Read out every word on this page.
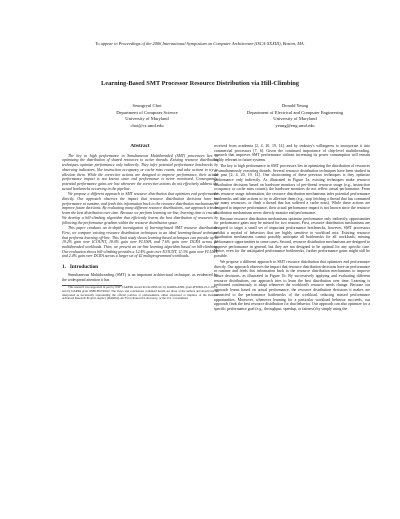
To appear in Proceedings of the 2006 International Symposium on Computer Architecture (ISCA-XXXIII), Boston, MA.
Learning-Based SMT Processor Resource Distribution via Hill-Climbing
Seungryul Choi
Department of Computer Science
University of Maryland
choi@cs.umd.edu
Donald Yeung
Department of Electrical and Computer Engineering
University of Maryland
yeung@eng.umd.edu
Abstract

The key to high performance in Simultaneous Multithreaded (SMT) processors lies in optimizing the distribution of shared resources to active threads. Existing resource distribution techniques optimize performance only indirectly. They infer potential performance bottlenecks by observing indicators, like instruction occupancy or cache miss counts, and take actions to try to alleviate them. While the corrective actions are designed to improve performance, their actual performance impact is not known since end performance is never monitored. Consequently, potential performance gains are lost whenever the corrective actions do not effectively address the actual bottlenecks occurring in the pipeline.

We propose a different approach to SMT resource distribution that optimizes end performance directly. Our approach observes the impact that resource distribution decisions have on performance at runtime, and feeds this information back to the resource distribution mechanisms to improve future decisions. By evaluating many different resource distributions, our approach tries to learn the best distribution over time. Because we perform learning on-line, learning time is crucial. We develop a hill-climbing algorithm that efficiently learns the best distribution of resources by following the performance gradient within the resource distribution space.

This paper conducts an in-depth investigation of learning-based SMT resource distribution. First, we compare existing resource distribution techniques to an ideal learning-based technique that performs learning off-line. This limit study shows learning-based techniques can provide up to 19.2% gain over ICOUNT, 18.0% gain over FLUSH, and 7.6% gain over DCRA across 21 multithreaded workloads. Then, we present an on-line learning algorithm based on hill-climbing. Our evaluation shows hill-climbing provides a 12.4% gain over ICOUNT, 11.3% gain over FLUSH, and 2.4% gain over DCRA across a larger set of 42 multiprogrammed workloads.

1. Introduction

Simultaneous Multithreading (SMT) is an important architectural technique, as evidenced by the widespread attention it has

This research was supported in part by NSF CAREER Award #CCR-0093110, by DARPA AFRL grant #F30602-01-C-0171, and by DARPA grant #NBCH1050022. The views and conclusions contained herein are those of the authors and should not be interpreted as necessarily representing the official policies or endorsements, either expressed or implied, of the Defense Advanced Research Projects Agency (DARPA), Air Force Research Laboratory, or the U.S. Government.

received from academia [2, 4, 20, 19, 14], and by industry's willingness to incorporate it into commercial processors [7, 6]. Given the continued importance of chip-level multithreading, research that improves SMT performance without increasing its power consumption will remain highly relevant in future systems.

The key to high performance in SMT processors lies in optimizing the distribution of resources to simultaneously executing threads. Several resource distribution techniques have been studied in the past [2, 4, 20, 19, 14]. One shortcoming of these previous techniques is they optimize performance only indirectly. As illustrated in Figure 1a, existing techniques make resource distribution decisions based on hardware monitors of per-thread resource usage (e.g., instruction occupancy or cache miss counts); the hardware monitors do not reflect actual performance. From this resource usage information, the resource distribution mechanisms infer potential performance bottlenecks and take actions to try to alleviate them (e.g., stop fetching a thread that has consumed too many resources, or flush a thread that has suffered a cache miss). While these actions are designed to improve performance, their actual performance impact is not known since the resource distribution mechanisms never directly monitor end performance.

Because resource distribution mechanisms optimize performance only indirectly, opportunities for performance gains may be missed for two reasons. First, resource distribution mechanisms are designed to target a small set of important performance bottlenecks, however, SMT processors exhibit a myriad of behaviors that are highly sensitive to workload mix. Existing resource distribution mechanisms cannot possibly anticipate all bottlenecks for all workloads, missing performance opportunities in some cases. Second, resource distribution mechanisms are designed to improve performance in general, but they are not designed to be optimal for any specific case. Hence, even for the anticipated performance bottlenecks, further performance gains might still be possible.

We propose a different approach to SMT resource distribution that optimizes end performance directly. Our approach observes the impact that resource distribution decisions have on performance at runtime and feeds this information back to the resource distribution mechanisms to improve future decisions, as illustrated in Figure 1b. By successively applying and evaluating different resource distributions, our approach tries to learn the best distribution over time. Learning is performed continuously to adapt whenever the workload's resource needs change. Because our approach learns based on actual performance, the resource distribution decisions it makes are connected to the performance bottlenecks of the workload, reducing missed performance opportunities. Moreover, whenever learning for a particular workload behavior succeeds, our approach finds the best resource distribution for that behavior. Our approach can also optimize for a specific performance goal (e.g., throughput, speedup, or fairness) by simply using the
